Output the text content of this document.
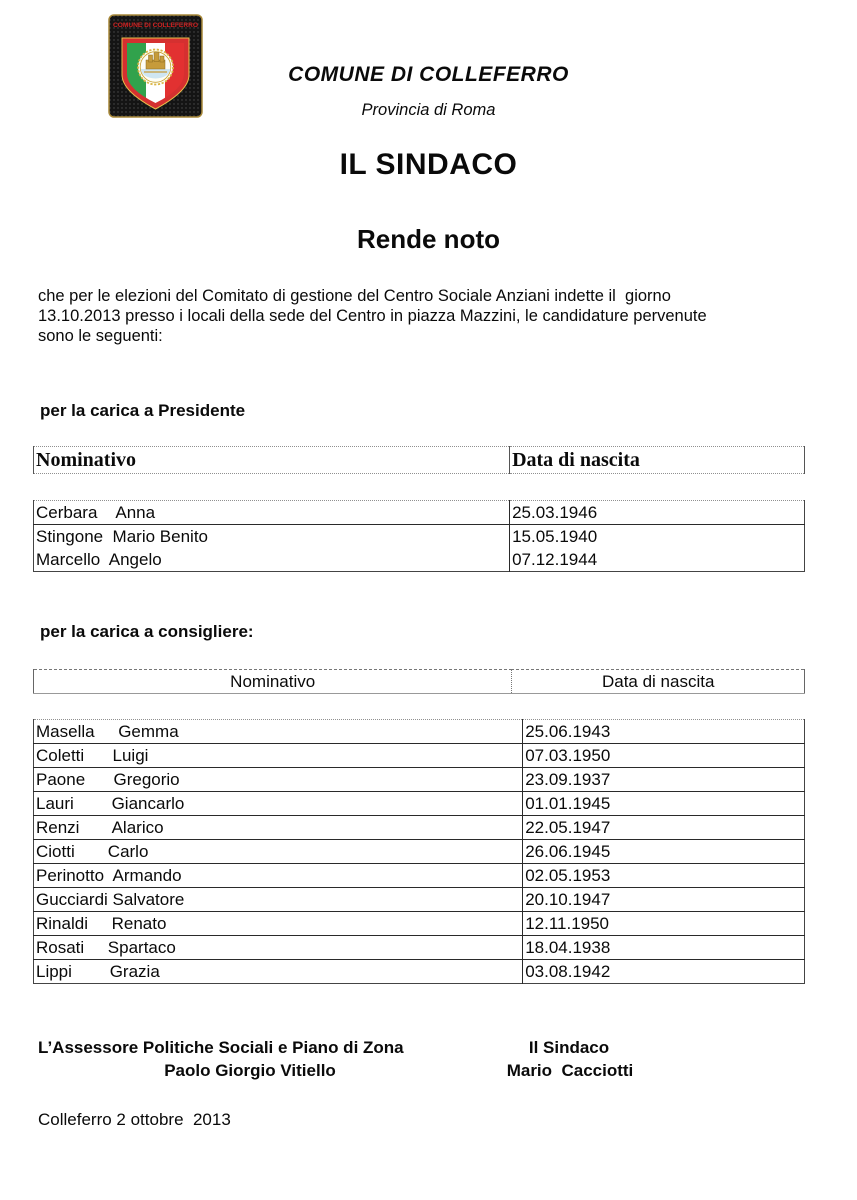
COMUNE DI COLLEFERRO
COMUNE DI COLLEFERRO
Provincia di Roma
IL SINDACO
Rende noto
che per le elezioni del Comitato di gestione del Centro Sociale Anziani indette il  giorno
13.10.2013 presso i locali della sede del Centro in piazza Mazzini, le candidature pervenute
sono le seguenti:
per la carica a Presidente
Nominativo	Data di nascita
Cerbara    Anna	25.03.1946
Stingone  Mario Benito	15.05.1940
Marcello  Angelo	07.12.1944
per la carica a consigliere:
Nominativo	Data di nascita
Masella     Gemma	25.06.1943
Coletti      Luigi	07.03.1950
Paone      Gregorio	23.09.1937
Lauri        Giancarlo	01.01.1945
Renzi       Alarico	22.05.1947
Ciotti       Carlo	26.06.1945
Perinotto  Armando	02.05.1953
Gucciardi Salvatore	20.10.1947
Rinaldi     Renato	12.11.1950
Rosati     Spartaco	18.04.1938
Lippi        Grazia	03.08.1942
L’Assessore Politiche Sociali e Piano di Zona
Paolo Giorgio Vitiello
Il Sindaco
Mario  Cacciotti
Colleferro 2 ottobre  2013
